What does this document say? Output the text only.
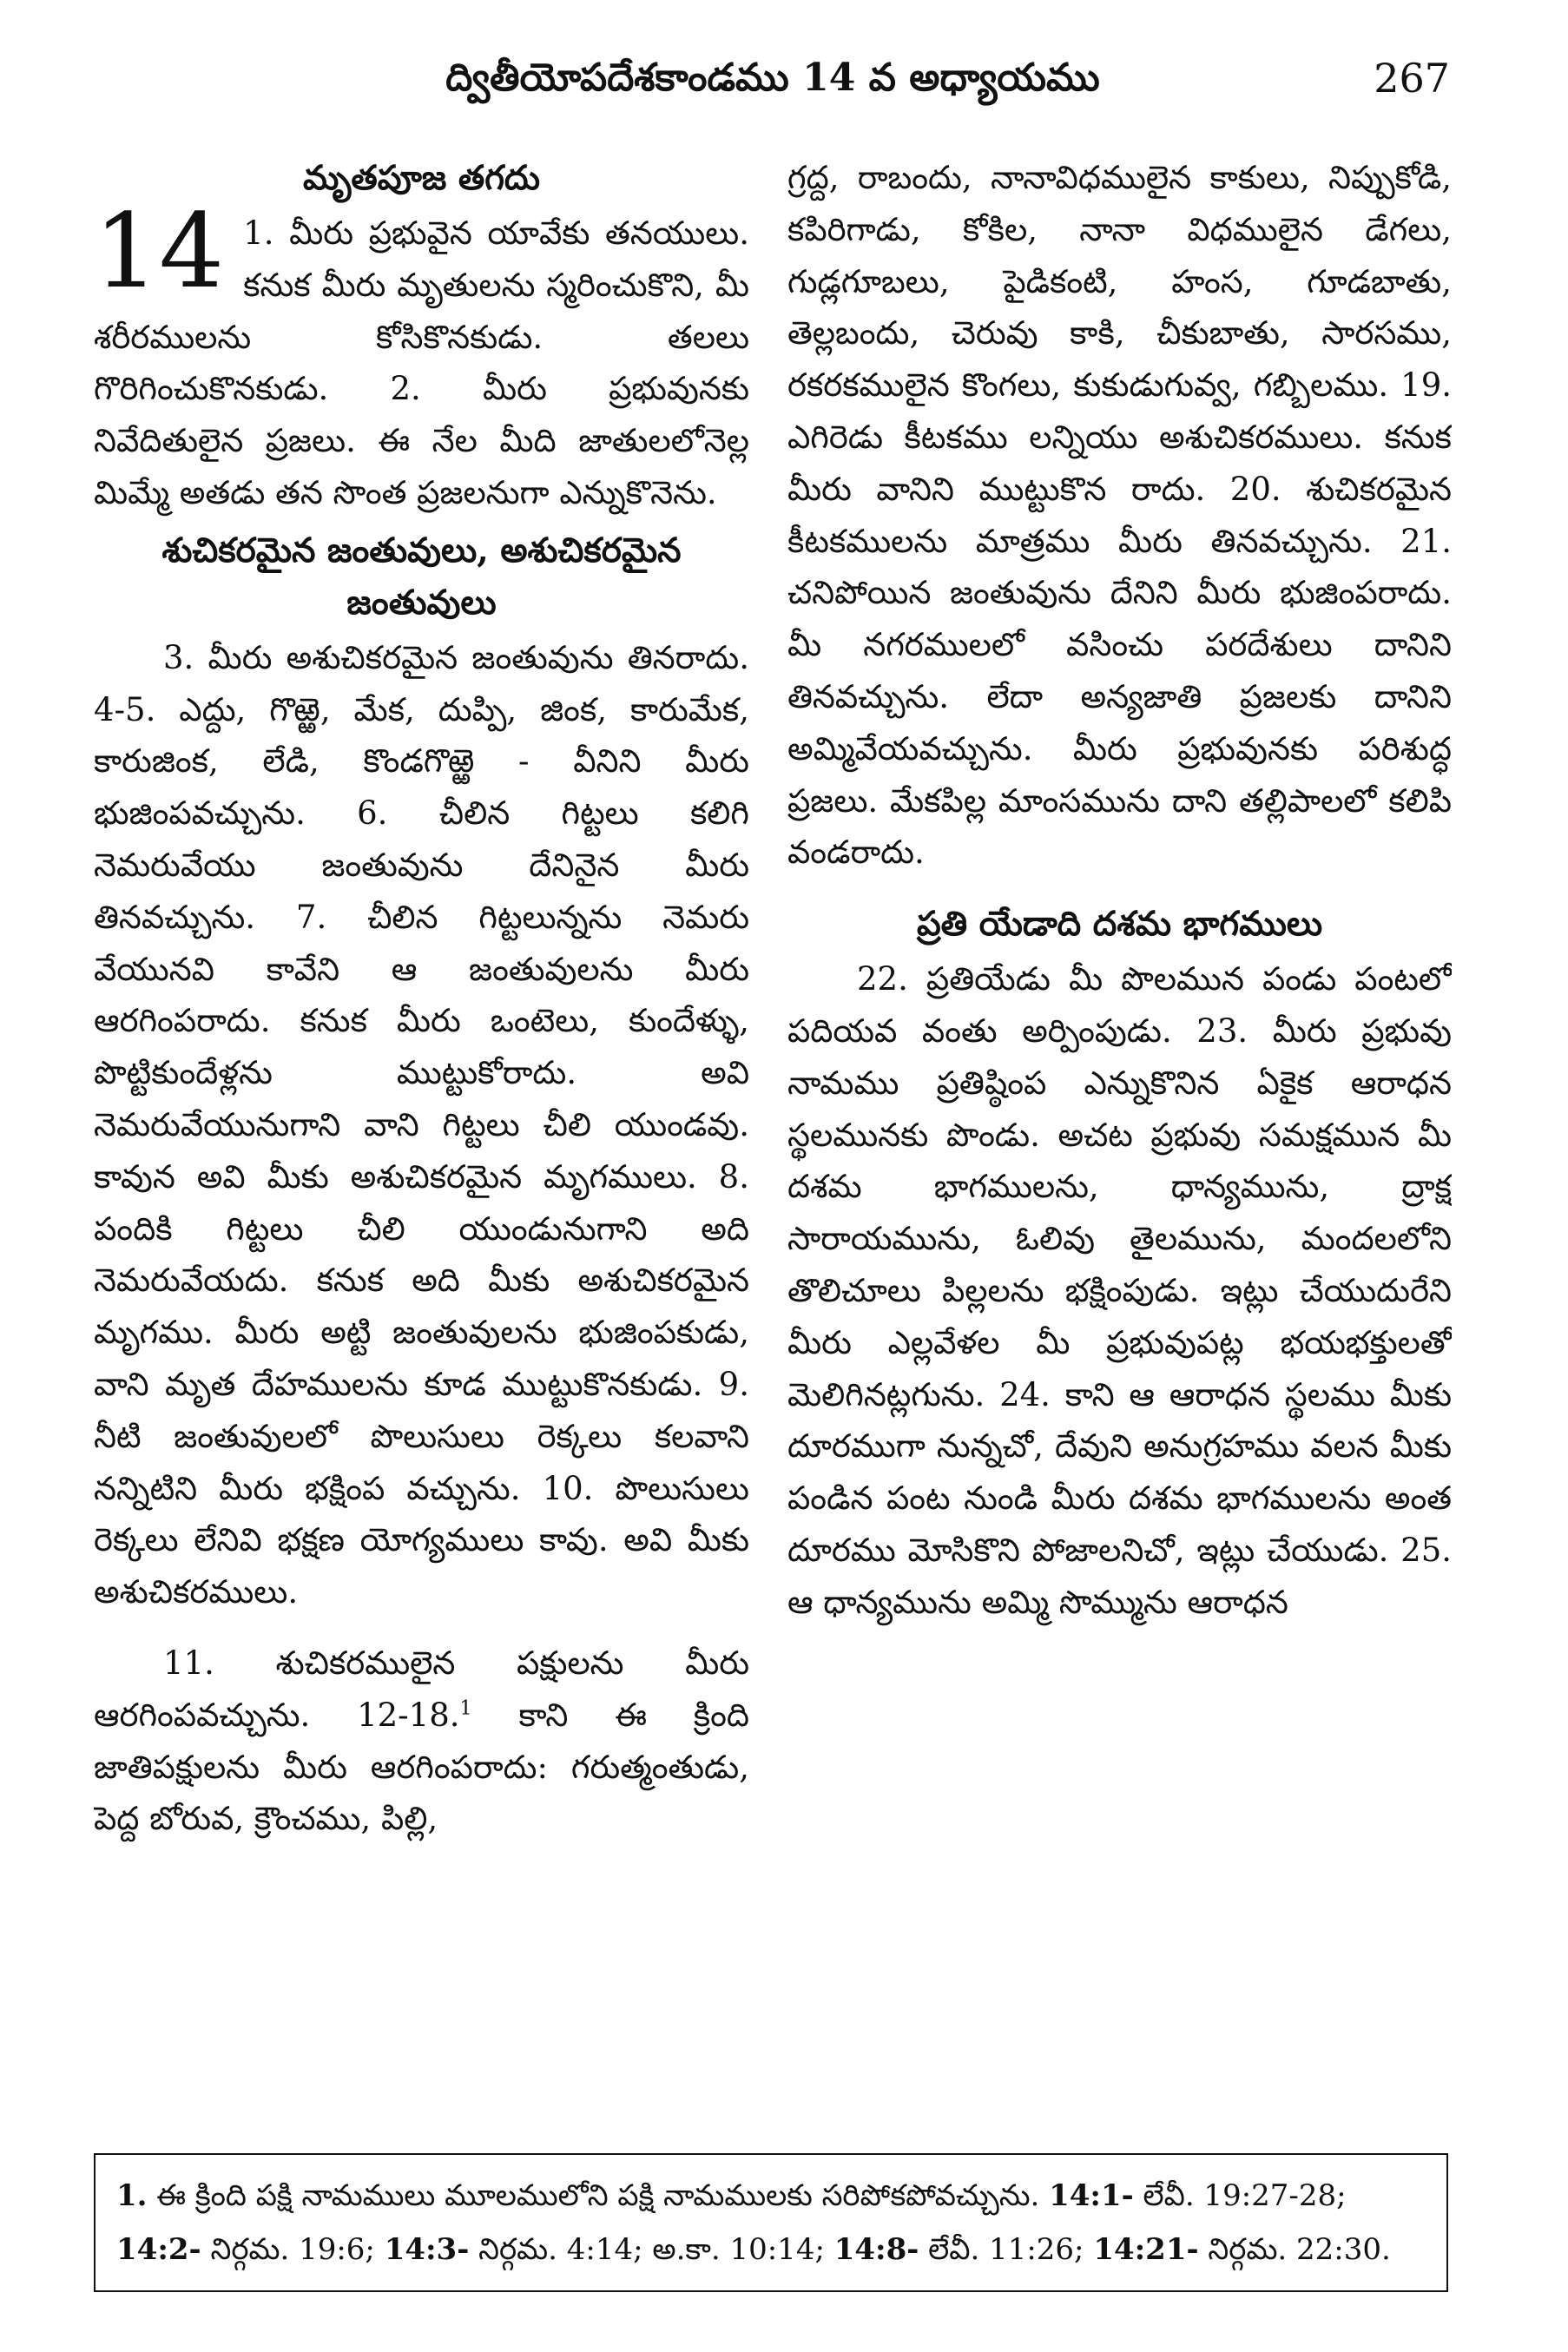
ద్వితీయోపదేశకాండము 14 వ అధ్యాయము	267
మృతపూజ తగదు

14 1. మీరు ప్రభువైన యావేకు తనయులు. కనుక మీరు మృతులను స్మరించుకొని, మీ శరీరములను కోసికొనకుడు. తలలు గొరిగించుకొనకుడు. 2. మీరు ప్రభువునకు నివేదితులైన ప్రజలు. ఈ నేల మీది జాతులలోనెల్ల మిమ్మే అతడు తన సొంత ప్రజలనుగా ఎన్నుకొనెను.

శుచికరమైన జంతువులు, అశుచికరమైన జంతువులు

3. మీరు అశుచికరమైన జంతువును తినరాదు. 4-5. ఎద్దు, గొఱ్ఱె, మేక, దుప్పి, జింక, కారుమేక, కారుజింక, లేడి, కొండగొఱ్ఱె - వీనిని మీరు భుజింపవచ్చును. 6. చీలిన గిట్టలు కలిగి నెమరువేయు జంతువును దేనినైన మీరు తినవచ్చును. 7. చీలిన గిట్టలున్నను నెమరు వేయునవి కావేని ఆ జంతువులను మీరు ఆరగింపరాదు. కనుక మీరు ఒంటెలు, కుందేళ్ళు, పొట్టికుందేళ్లను ముట్టుకోరాదు. అవి నెమరువేయునుగాని వాని గిట్టలు చీలి యుండవు. కావున అవి మీకు అశుచికరమైన మృగములు. 8. పందికి గిట్టలు చీలి యుండునుగాని అది నెమరువేయదు. కనుక అది మీకు అశుచికరమైన మృగము. మీరు అట్టి జంతువులను భుజింపకుడు, వాని మృత దేహములను కూడ ముట్టుకొనకుడు. 9. నీటి జంతువులలో పొలుసులు రెక్కలు కలవాని నన్నిటిని మీరు భక్షింప వచ్చును. 10. పొలుసులు రెక్కలు లేనివి భక్షణ యోగ్యములు కావు. అవి మీకు అశుచికరములు.

11. శుచికరములైన పక్షులను మీరు ఆరగింపవచ్చును. 12-18.$^1$ కాని ఈ క్రింది జాతిపక్షులను మీరు ఆరగింపరాదు: గరుత్మంతుడు, పెద్ద బోరువ, క్రౌంచము, పిల్లి,

గ్రద్ద, రాబందు, నానావిధములైన కాకులు, నిప్పుకోడి, కపిరిగాడు, కోకిల, నానా విధములైన డేగలు, గుడ్లగూబలు, పైడికంటి, హంస, గూడబాతు, తెల్లబందు, చెరువు కాకి, చీకుబాతు, సారసము, రకరకములైన కొంగలు, కుకుడుగువ్వ, గబ్బిలము. 19. ఎగిరెడు కీటకము లన్నియు అశుచికరములు. కనుక మీరు వానిని ముట్టుకొన రాదు. 20. శుచికరమైన కీటకములను మాత్రము మీరు తినవచ్చును. 21. చనిపోయిన జంతువును దేనిని మీరు భుజింపరాదు. మీ నగరములలో వసించు పరదేశులు దానిని తినవచ్చును. లేదా అన్యజాతి ప్రజలకు దానిని అమ్మివేయవచ్చును. మీరు ప్రభువునకు పరిశుద్ధ ప్రజలు. మేకపిల్ల మాంసమును దాని తల్లిపాలలో కలిపి వండరాదు.

ప్రతి యేడాది దశమ భాగములు

22. ప్రతియేడు మీ పొలమున పండు పంటలో పదియవ వంతు అర్పింపుడు. 23. మీరు ప్రభువు నామము ప్రతిష్ఠింప ఎన్నుకొనిన ఏకైక ఆరాధన స్థలమునకు పొండు. అచట ప్రభువు సమక్షమున మీ దశమ భాగములను, ధాన్యమును, ద్రాక్ష సారాయమును, ఓలివు తైలమును, మందలలోని తొలిచూలు పిల్లలను భక్షింపుడు. ఇట్లు చేయుదురేని మీరు ఎల్లవేళల మీ ప్రభువుపట్ల భయభక్తులతో మెలిగినట్లగును. 24. కాని ఆ ఆరాధన స్థలము మీకు దూరముగా నున్నచో, దేవుని అనుగ్రహము వలన మీకు పండిన పంట నుండి మీరు దశమ భాగములను అంత దూరము మోసికొని పోజాలనిచో, ఇట్లు చేయుడు. 25. ఆ ధాన్యమును అమ్మి సొమ్మును ఆరాధన

1. ఈ క్రింది పక్షి నామములు మూలములోని పక్షి నామములకు సరిపోకపోవచ్చును. 14:1- లేవీ. 19:27-28; 14:2- నిర్గమ. 19:6; 14:3- నిర్గమ. 4:14; అ.కా. 10:14; 14:8- లేవీ. 11:26; 14:21- నిర్గమ. 22:30.
